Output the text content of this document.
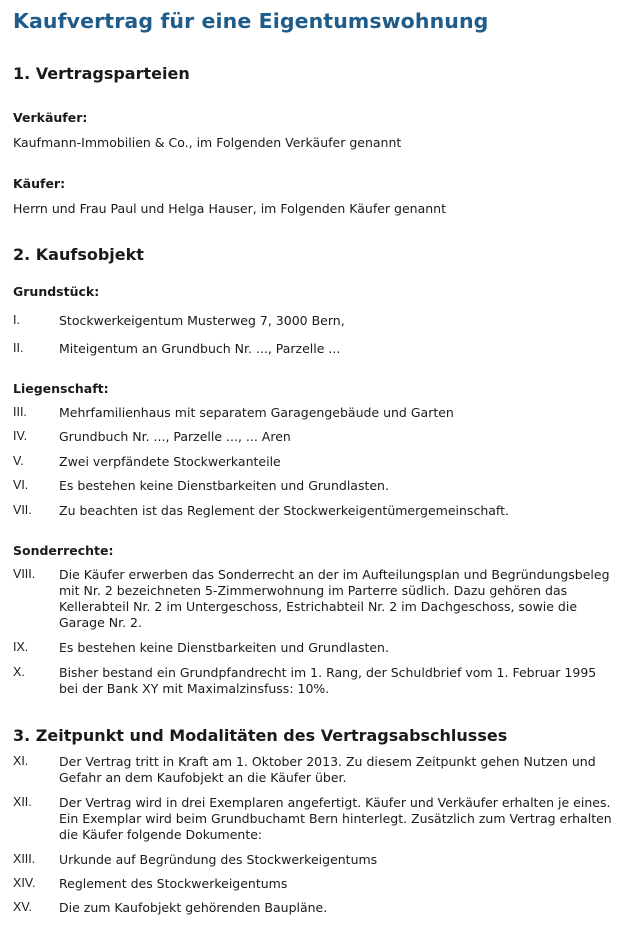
Kaufvertrag für eine Eigentumswohnung
1. Vertragsparteien
Verkäufer:
Kaufmann-Immobilien & Co., im Folgenden Verkäufer genannt
Käufer:
Herrn und Frau Paul und Helga Hauser, im Folgenden Käufer genannt
2. Kaufsobjekt
Grundstück:
I.	Stockwerkeigentum Musterweg 7, 3000 Bern,
II.	Miteigentum an Grundbuch Nr. ..., Parzelle ...
Liegenschaft:
III.	Mehrfamilienhaus mit separatem Garagengebäude und Garten
IV.	Grundbuch Nr. ..., Parzelle ..., ... Aren
V.	Zwei verpfändete Stockwerkanteile
VI. Es bestehen keine Dienstbarkeiten und Grundlasten.
VII. Zu beachten ist das Reglement der Stockwerkeigentümergemeinschaft.
Sonderrechte:
VIII. Die Käufer erwerben das Sonderrecht an der im Aufteilungsplan und Begründungsbeleg mit Nr. 2 bezeichneten 5-Zimmerwohnung im Parterre südlich. Dazu gehören das Kellerabteil Nr. 2 im Untergeschoss, Estrichabteil Nr. 2 im Dachgeschoss, sowie die Garage Nr. 2.
IX. Es bestehen keine Dienstbarkeiten und Grundlasten.
X.	Bisher bestand ein Grundpfandrecht im 1. Rang, der Schuldbrief vom 1. Februar 1995 bei der Bank XY mit Maximalzinsfuss: 10%.
3. Zeitpunkt und Modalitäten des Vertragsabschlusses
XI. Der Vertrag tritt in Kraft am 1. Oktober 2013. Zu diesem Zeitpunkt gehen Nutzen und Gefahr an dem Kaufobjekt an die Käufer über.
XII. Der Vertrag wird in drei Exemplaren angefertigt. Käufer und Verkäufer erhalten je eines. Ein Exemplar wird beim Grundbuchamt Bern hinterlegt. Zusätzlich zum Vertrag erhalten die Käufer folgende Dokumente:
XIII. Urkunde auf Begründung des Stockwerkeigentums
XIV. Reglement des Stockwerkeigentums
XV. Die zum Kaufobjekt gehörenden Baupläne.
